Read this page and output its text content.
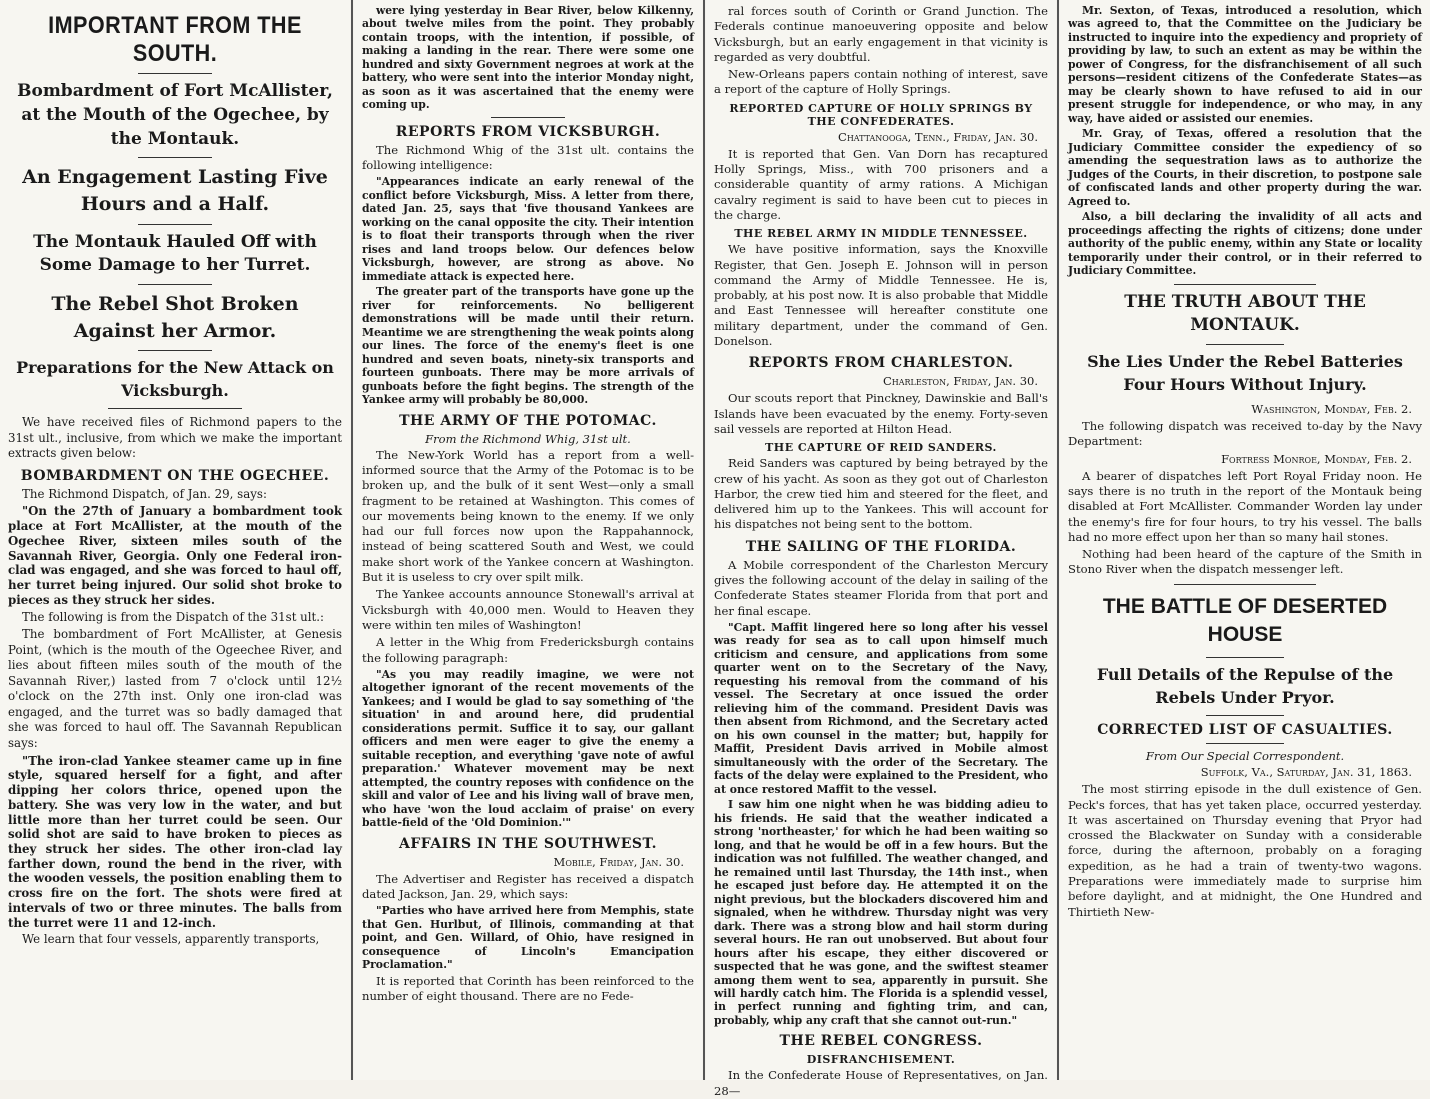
IMPORTANT FROM THE SOUTH.
Bombardment of Fort McAllister, at the Mouth of the Ogechee, by the Montauk.
An Engagement Lasting Five Hours and a Half.
The Montauk Hauled Off with Some Damage to her Turret.
The Rebel Shot Broken Against her Armor.
Preparations for the New Attack on Vicksburgh.

We have received files of Richmond papers to the 31st ult., inclusive, from which we make the important extracts given below:

BOMBARDMENT ON THE OGECHEE.

The Richmond Dispatch, of Jan. 29, says:

"On the 27th of January a bombardment took place at Fort McAllister, at the mouth of the Ogechee River, sixteen miles south of the Savannah River, Georgia. Only one Federal iron-clad was engaged, and she was forced to haul off, her turret being injured. Our solid shot broke to pieces as they struck her sides.

The following is from the Dispatch of the 31st ult.:

The bombardment of Fort McAllister, at Genesis Point, (which is the mouth of the Ogeechee River, and lies about fifteen miles south of the mouth of the Savannah River,) lasted from 7 o'clock until 12½ o'clock on the 27th inst. Only one iron-clad was engaged, and the turret was so badly damaged that she was forced to haul off. The Savannah Republican says:

"The iron-clad Yankee steamer came up in fine style, squared herself for a fight, and after dipping her colors thrice, opened upon the battery. She was very low in the water, and but little more than her turret could be seen. Our solid shot are said to have broken to pieces as they struck her sides. The other iron-clad lay farther down, round the bend in the river, with the wooden vessels, the position enabling them to cross fire on the fort. The shots were fired at intervals of two or three minutes. The balls from the turret were 11 and 12-inch.

We learn that four vessels, apparently transports,

were lying yesterday in Bear River, below Kilkenny, about twelve miles from the point. They probably contain troops, with the intention, if possible, of making a landing in the rear. There were some one hundred and sixty Government negroes at work at the battery, who were sent into the interior Monday night, as soon as it was ascertained that the enemy were coming up.

REPORTS FROM VICKSBURGH.

The Richmond Whig of the 31st ult. contains the following intelligence:

"Appearances indicate an early renewal of the conflict before Vicksburgh, Miss. A letter from there, dated Jan. 25, says that 'five thousand Yankees are working on the canal opposite the city. Their intention is to float their transports through when the river rises and land troops below. Our defences below Vicksburgh, however, are strong as above. No immediate attack is expected here.

The greater part of the transports have gone up the river for reinforcements. No belligerent demonstrations will be made until their return. Meantime we are strengthening the weak points along our lines. The force of the enemy's fleet is one hundred and seven boats, ninety-six transports and fourteen gunboats. There may be more arrivals of gunboats before the fight begins. The strength of the Yankee army will probably be 80,000.

THE ARMY OF THE POTOMAC.
From the Richmond Whig, 31st ult.

The New-York World has a report from a well-informed source that the Army of the Potomac is to be broken up, and the bulk of it sent West—only a small fragment to be retained at Washington. This comes of our movements being known to the enemy. If we only had our full forces now upon the Rappahannock, instead of being scattered South and West, we could make short work of the Yankee concern at Washington. But it is useless to cry over spilt milk.

The Yankee accounts announce Stonewall's arrival at Vicksburgh with 40,000 men. Would to Heaven they were within ten miles of Washington!

A letter in the Whig from Fredericksburgh contains the following paragraph:

"As you may readily imagine, we were not altogether ignorant of the recent movements of the Yankees; and I would be glad to say something of 'the situation' in and around here, did prudential considerations permit. Suffice it to say, our gallant officers and men were eager to give the enemy a suitable reception, and everything 'gave note of awful preparation.' Whatever movement may be next attempted, the country reposes with confidence on the skill and valor of Lee and his living wall of brave men, who have 'won the loud acclaim of praise' on every battle-field of the 'Old Dominion.'"

AFFAIRS IN THE SOUTHWEST.
Mobile, Friday, Jan. 30.

The Advertiser and Register has received a dispatch dated Jackson, Jan. 29, which says:

"Parties who have arrived here from Memphis, state that Gen. Hurlbut, of Illinois, commanding at that point, and Gen. Willard, of Ohio, have resigned in consequence of Lincoln's Emancipation Proclamation."

It is reported that Corinth has been reinforced to the number of eight thousand. There are no Fede-

ral forces south of Corinth or Grand Junction. The Federals continue manoeuvering opposite and below Vicksburgh, but an early engagement in that vicinity is regarded as very doubtful.

New-Orleans papers contain nothing of interest, save a report of the capture of Holly Springs.

REPORTED CAPTURE OF HOLLY SPRINGS BY THE CONFEDERATES.
Chattanooga, Tenn., Friday, Jan. 30.

It is reported that Gen. Van Dorn has recaptured Holly Springs, Miss., with 700 prisoners and a considerable quantity of army rations. A Michigan cavalry regiment is said to have been cut to pieces in the charge.

THE REBEL ARMY IN MIDDLE TENNESSEE.

We have positive information, says the Knoxville Register, that Gen. Joseph E. Johnson will in person command the Army of Middle Tennessee. He is, probably, at his post now. It is also probable that Middle and East Tennessee will hereafter constitute one military department, under the command of Gen. Donelson.

REPORTS FROM CHARLESTON.
Charleston, Friday, Jan. 30.

Our scouts report that Pinckney, Dawinskie and Ball's Islands have been evacuated by the enemy. Forty-seven sail vessels are reported at Hilton Head.

THE CAPTURE OF REID SANDERS.

Reid Sanders was captured by being betrayed by the crew of his yacht. As soon as they got out of Charleston Harbor, the crew tied him and steered for the fleet, and delivered him up to the Yankees. This will account for his dispatches not being sent to the bottom.

THE SAILING OF THE FLORIDA.

A Mobile correspondent of the Charleston Mercury gives the following account of the delay in sailing of the Confederate States steamer Florida from that port and her final escape.

"Capt. Maffit lingered here so long after his vessel was ready for sea as to call upon himself much criticism and censure, and applications from some quarter went on to the Secretary of the Navy, requesting his removal from the command of his vessel. The Secretary at once issued the order relieving him of the command. President Davis was then absent from Richmond, and the Secretary acted on his own counsel in the matter; but, happily for Maffit, President Davis arrived in Mobile almost simultaneously with the order of the Secretary. The facts of the delay were explained to the President, who at once restored Maffit to the vessel.

I saw him one night when he was bidding adieu to his friends. He said that the weather indicated a strong 'northeaster,' for which he had been waiting so long, and that he would be off in a few hours. But the indication was not fulfilled. The weather changed, and he remained until last Thursday, the 14th inst., when he escaped just before day. He attempted it on the night previous, but the blockaders discovered him and signaled, when he withdrew. Thursday night was very dark. There was a strong blow and hail storm during several hours. He ran out unobserved. But about four hours after his escape, they either discovered or suspected that he was gone, and the swiftest steamer among them went to sea, apparently in pursuit. She will hardly catch him. The Florida is a splendid vessel, in perfect running and fighting trim, and can, probably, whip any craft that she cannot out-run."

THE REBEL CONGRESS.
DISFRANCHISEMENT.

In the Confederate House of Representatives, on Jan. 28—

Mr. Sexton, of Texas, introduced a resolution, which was agreed to, that the Committee on the Judiciary be instructed to inquire into the expediency and propriety of providing by law, to such an extent as may be within the power of Congress, for the disfranchisement of all such persons—resident citizens of the Confederate States—as may be clearly shown to have refused to aid in our present struggle for independence, or who may, in any way, have aided or assisted our enemies.

Mr. Gray, of Texas, offered a resolution that the Judiciary Committee consider the expediency of so amending the sequestration laws as to authorize the Judges of the Courts, in their discretion, to postpone sale of confiscated lands and other property during the war. Agreed to.

Also, a bill declaring the invalidity of all acts and proceedings affecting the rights of citizens; done under authority of the public enemy, within any State or locality temporarily under their control, or in their referred to Judiciary Committee.

THE TRUTH ABOUT THE MONTAUK.
She Lies Under the Rebel Batteries Four Hours Without Injury.
Washington, Monday, Feb. 2.

The following dispatch was received to-day by the Navy Department:

Fortress Monroe, Monday, Feb. 2.

A bearer of dispatches left Port Royal Friday noon. He says there is no truth in the report of the Montauk being disabled at Fort McAllister. Commander Worden lay under the enemy's fire for four hours, to try his vessel. The balls had no more effect upon her than so many hail stones.

Nothing had been heard of the capture of the Smith in Stono River when the dispatch messenger left.

THE BATTLE OF DESERTED HOUSE
Full Details of the Repulse of the Rebels Under Pryor.
CORRECTED LIST OF CASUALTIES.
From Our Special Correspondent.
Suffolk, Va., Saturday, Jan. 31, 1863.

The most stirring episode in the dull existence of Gen. Peck's forces, that has yet taken place, occurred yesterday. It was ascertained on Thursday evening that Pryor had crossed the Blackwater on Sunday with a considerable force, during the afternoon, probably on a foraging expedition, as he had a train of twenty-two wagons. Preparations were immediately made to surprise him before daylight, and at midnight, the One Hundred and Thirtieth New-
